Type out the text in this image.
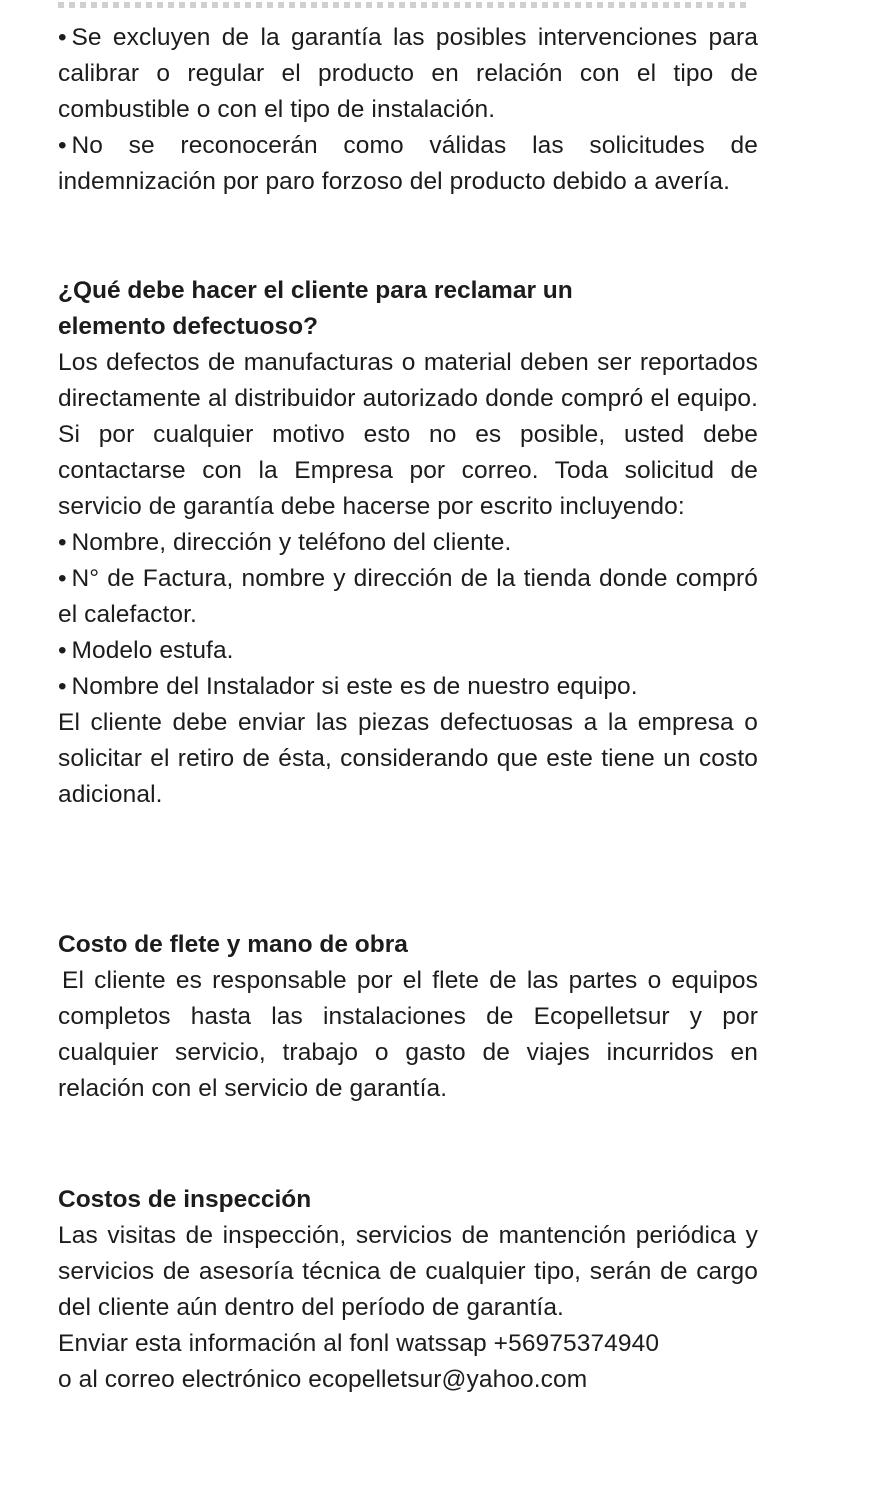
• Se excluyen de la garantía las posibles intervenciones para calibrar o regular el producto en relación con el tipo de combustible o con el tipo de instalación.

• No se reconocerán como válidas las solicitudes de indemnización por paro forzoso del producto debido a avería.

¿Qué debe hacer el cliente para reclamar un elemento defectuoso?

Los defectos de manufacturas o material deben ser reportados directamente al distribuidor autorizado donde compró el equipo. Si por cualquier motivo esto no es posible, usted debe contactarse con la Empresa por correo. Toda solicitud de servicio de garantía debe hacerse por escrito incluyendo:

• Nombre, dirección y teléfono del cliente.

• N° de Factura, nombre y dirección de la tienda donde compró el calefactor.

• Modelo estufa.

• Nombre del Instalador si este es de nuestro equipo.

El cliente debe enviar las piezas defectuosas a la empresa o solicitar el retiro de ésta, considerando que este tiene un costo adicional.

Costo de flete y mano de obra

El cliente es responsable por el flete de las partes o equipos completos hasta las instalaciones de Ecopelletsur y por cualquier servicio, trabajo o gasto de viajes incurridos en relación con el servicio de garantía.

Costos de inspección

Las visitas de inspección, servicios de mantención periódica y servicios de asesoría técnica de cualquier tipo, serán de cargo del cliente aún dentro del período de garantía.

Enviar esta información al fonl watssap +56975374940

o al correo electrónico ecopelletsur@yahoo.com
